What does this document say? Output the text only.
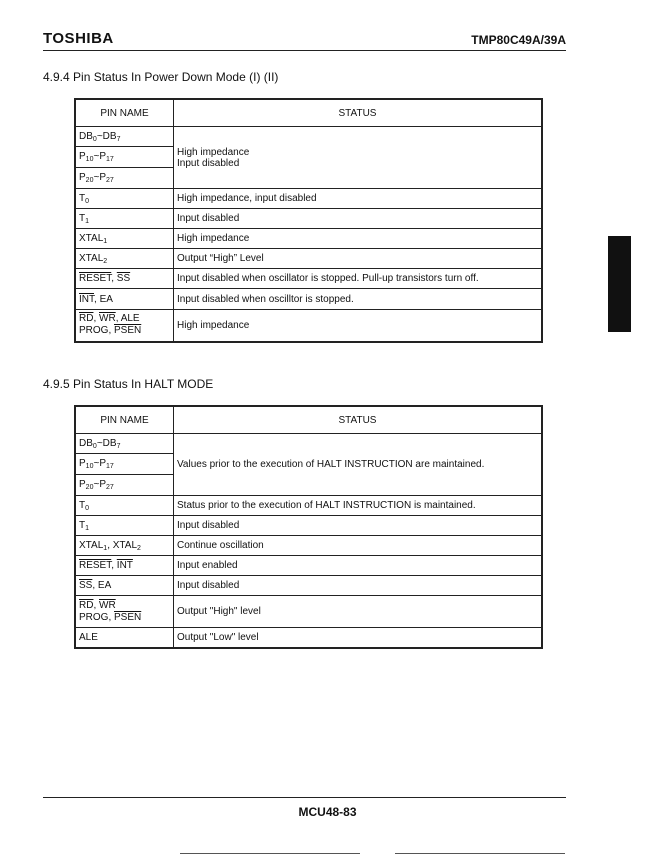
TOSHIBA	TMP80C49A/39A
4.9.4 Pin Status In Power Down Mode (I) (II)
PIN NAME	STATUS
$DB_0\sim DB_7$	High impedance
Input disabled

$P_{10}\sim P_{17}$
$P_{20}\sim P_{27}$
$T_0$	High impedance, input disabled
$T_1$	Input disabled
$XTAL_1$	High impedance
$XTAL_2$	Output “High” Level
RESET, $\overline{SS}$	Input disabled when oscillator is stopped. Pull-up transistors turn off.
$\overline{INT}$, EA	Input disabled when oscilltor is stopped.

$\overline{RD}$, $\overline{WR}$, ALE
PROG, PSEN	High impedance
4.9.5 Pin Status In HALT MODE
PIN NAME	STATUS
$DB_0\sim DB_7$	Values prior to the execution of HALT INSTRUCTION are maintained.
$P_{10}\sim P_{17}$
$P_{20}\sim P_{27}$
$T_0$	Status prior to the execution of HALT INSTRUCTION is maintained.
$T_1$	Input disabled
$XTAL_1$, $XTAL_2$	Continue oscillation
RESET, $\overline{INT}$	Input enabled
$\overline{SS}$, EA	Input disabled

$\overline{RD}$, $\overline{WR}$
PROG, PSEN	Output "High" level
ALE	Output "Low" level
MCU48-83
